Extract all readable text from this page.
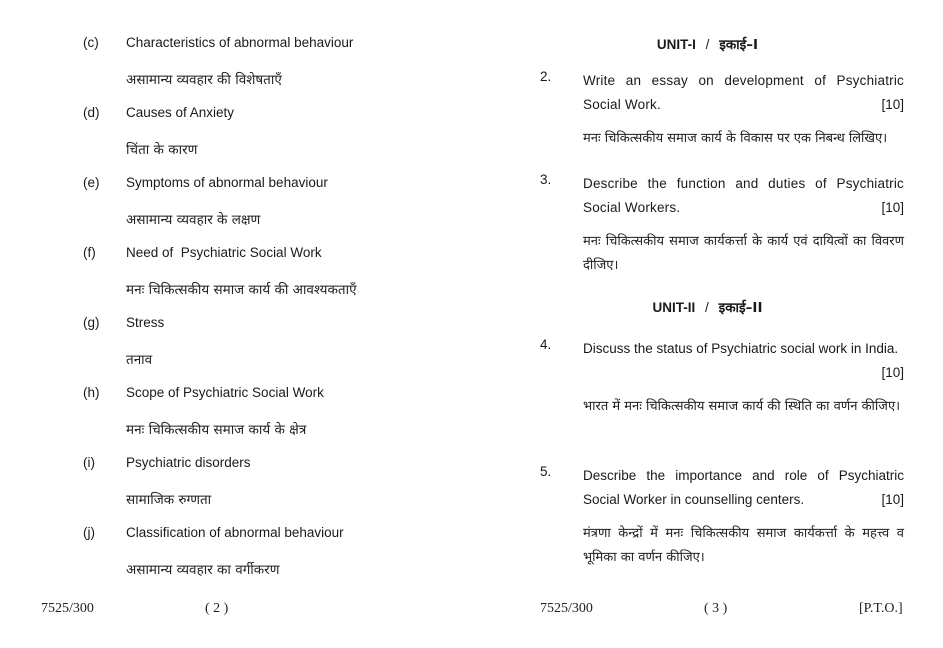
(c) Characteristics of abnormal behaviour
असामान्य व्यवहार की विशेषताएँ
(d) Causes of Anxiety
चिंता के कारण
(e) Symptoms of abnormal behaviour
असामान्य व्यवहार के लक्षण
(f) Need of  Psychiatric Social Work
मनः चिकित्सकीय समाज कार्य की आवश्यकताएँ
(g) Stress
तनाव
(h) Scope of Psychiatric Social Work
मनः चिकित्सकीय समाज कार्य के क्षेत्र
(i) Psychiatric disorders
सामाजिक रुग्णता
(j) Classification of abnormal behaviour
असामान्य व्यवहार का वर्गीकरण
7525/300	( 2 )
UNIT-I / इकाई–I
2. Write an essay on development of Psychiatric Social Work.	[10]
मनः चिकित्सकीय समाज कार्य के विकास पर एक निबन्ध लिखिए।
3. Describe the function and duties of Psychiatric Social Workers.	[10]
मनः चिकित्सकीय समाज कार्यकर्त्ता के कार्य एवं दायित्वों का विवरण दीजिए।
UNIT-II / इकाई–II
4. Discuss the status of Psychiatric social work in India.
[10]
भारत में मनः चिकित्सकीय समाज कार्य की स्थिति का वर्णन कीजिए।
5. Describe the importance and role of Psychiatric Social Worker in counselling centers.	[10]
मंत्रणा केन्द्रों में मनः चिकित्सकीय समाज कार्यकर्त्ता के महत्त्व व भूमिका का वर्णन कीजिए।
7525/300	( 3 )	[P.T.O.]
